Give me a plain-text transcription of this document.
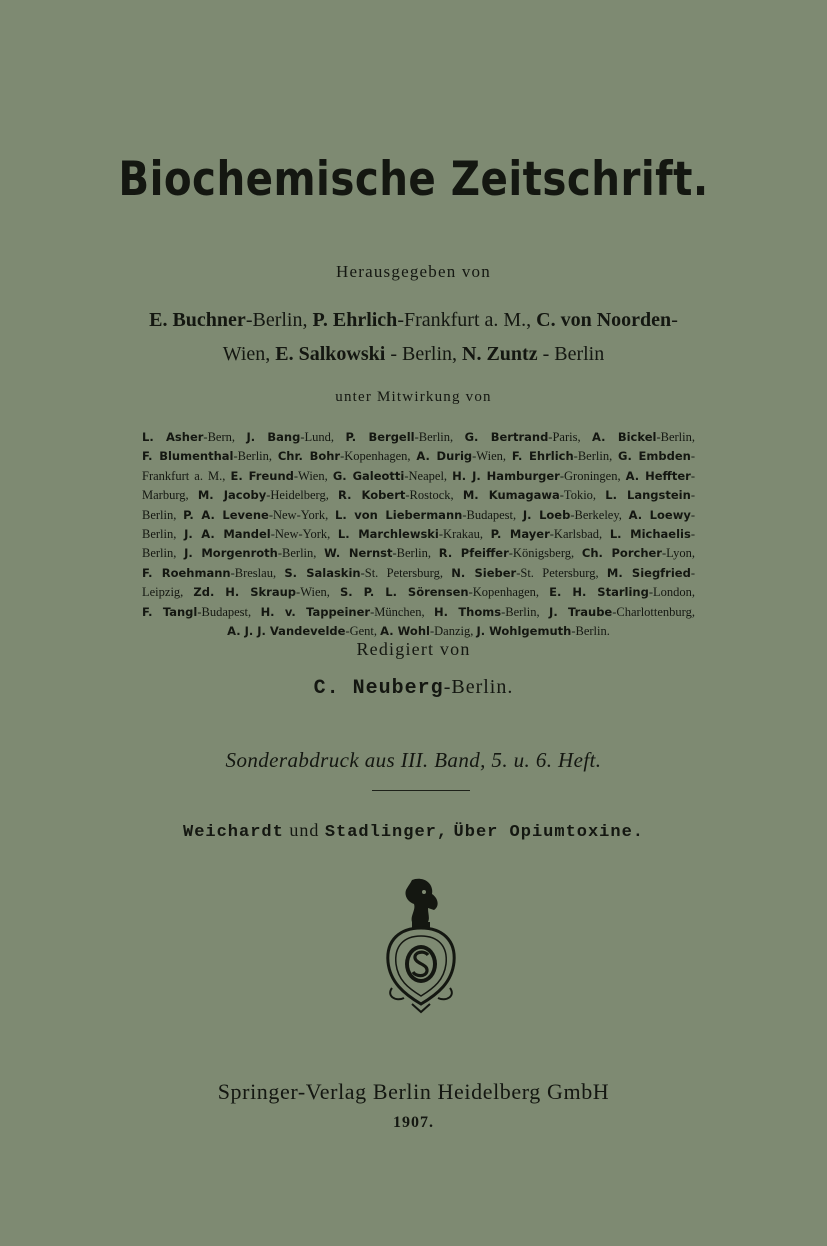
Biochemische Zeitschrift.
Herausgegeben von
E. Buchner-Berlin, P. Ehrlich-Frankfurt a. M., C. von Noorden-
Wien, E. Salkowski - Berlin, N. Zuntz - Berlin
unter Mitwirkung von
L. Asher-Bern, J. Bang-Lund, P. Bergell-Berlin, G. Bertrand-Paris, A. Bickel-Berlin,
F. Blumenthal-Berlin, Chr. Bohr-Kopenhagen, A. Durig-Wien, F. Ehrlich-Berlin, G. Embden-
Frankfurt a. M., E. Freund-Wien, G. Galeotti-Neapel, H. J. Hamburger-Groningen, A. Heffter-
Marburg, M. Jacoby-Heidelberg, R. Kobert-Rostock, M. Kumagawa-Tokio, L. Langstein-
Berlin, P. A. Levene-New-York, L. von Liebermann-Budapest, J. Loeb-Berkeley, A. Loewy-
Berlin, J. A. Mandel-New-York, L. Marchlewski-Krakau, P. Mayer-Karlsbad, L. Michaelis-
Berlin, J. Morgenroth-Berlin, W. Nernst-Berlin, R. Pfeiffer-Königsberg, Ch. Porcher-Lyon,
F. Roehmann-Breslau, S. Salaskin-St. Petersburg, N. Sieber-St. Petersburg, M. Siegfried-
Leipzig, Zd. H. Skraup-Wien, S. P. L. Sörensen-Kopenhagen, E. H. Starling-London,
F. Tangl-Budapest, H. v. Tappeiner-München, H. Thoms-Berlin, J. Traube-Charlottenburg,
A. J. J. Vandevelde-Gent, A. Wohl-Danzig, J. Wohlgemuth-Berlin.
Redigiert von
C. Neuberg-Berlin.
Sonderabdruck aus III. Band, 5. u. 6. Heft.
Weichardt und Stadlinger, Über Opiumtoxine.
Springer-Verlag Berlin Heidelberg GmbH
1907.
